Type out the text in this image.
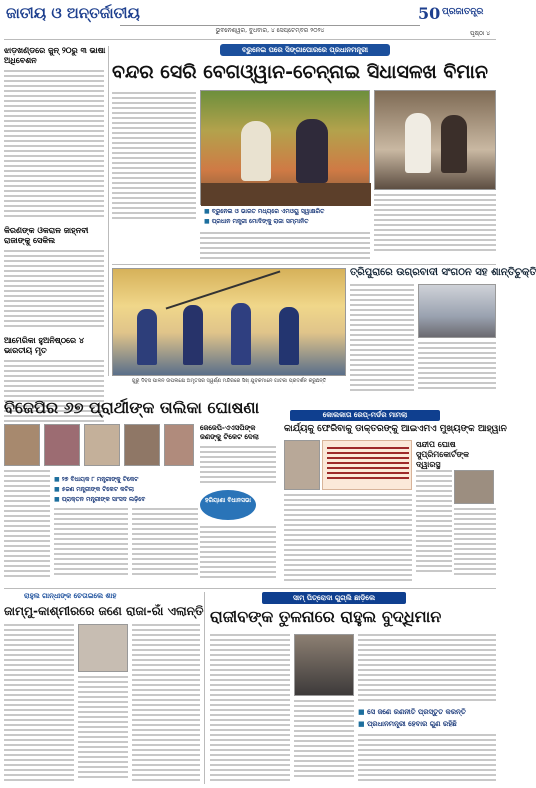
ଜାତୀୟ ଓ ଅନ୍ତର୍ଜାତୀୟ
ଭୁବନେଶ୍ୱର, ବୁଧବାର, ୪ ସେପ୍ଟେମ୍ବର ୨୦୨୪
50 ପ୍ରଜାତନ୍ତ୍ର
ପୃଷ୍ଠା ୪
ଝାଡ଼ଖଣ୍ଡରେ ଜୁନ୍‌ ୨୦ରୁ ୩ ଭାଷା ଅଧିବେଶନ
କିରଣଙ୍କ ଓକରାଳ ଜାହ୍ନବୀ ରାଜାଙ୍କୁ ସେକିଲ
ଆମେରିକା ହୁଅନିଷ୍ଠରେ ୪ ଭାରତୀୟ ମୃତ
ବ୍ରୁନେଇ ପରେ ସିଙ୍ଗାପୋରରେ ପ୍ରଧାନମନ୍ତ୍ରୀ
ବନ୍ଦର ସେରି ବେଗଓ୍ୱାନ-ଚେନ୍ନାଇ ସିଧାସଳଖ ବିମାନ
■ ବ୍ରୁନେଇ ଓ ଭାରତ ମଧ୍ୟରେ ଏମଓୟୁ ସ୍ୱାକ୍ଷରିତ
■ ପ୍ରଧାନ ମନ୍ତ୍ରୀ ମୋଦିଙ୍କୁ ରାଜା ସମ୍ମାନିତ
ତ୍ରିପୁରାରେ ଉଗ୍ରବାଦୀ ସଂଗଠନ ସହ ଶାନ୍ତିଚୁକ୍ତି
ଗୁରୁ ଦିବସ ପାଳନ ଉପଲକ୍ଷେ ଅମୃତସର ସ୍ୱର୍ଣ୍ଣ ମନ୍ଦିରରେ ସିଖ୍ ଯୁବକମାନେ ଗାଟକା ପ୍ରଦର୍ଶନ କରୁଛନ୍ତି
ବିଜେପିର ୬୭ ପ୍ରାର୍ଥୀଙ୍କ ତାଲିକା ଘୋଷଣା
■ ୨୭ ବିଧାୟକ ୮ ମନ୍ତ୍ରୀଙ୍କୁ ଟିକେଟ
■ ୫ଜଣ ମନ୍ତ୍ରୀଙ୍କ ଟିକେଟ କଟିଲା
■ ପ୍ରାକ୍ତନ ମନ୍ତ୍ରୀଙ୍କ ସାଂସଦ ଲଢ଼ିବେ
ଜେଜେପି-ଏଏସପିଙ୍କ ଜଣଙ୍କୁ ଟିକେଟ ଦେଲା
ହରିୟାଣା ବିଧାନସଭା
କୋଲକାତା ରେପ୍‌-ମର୍ଡର ମାମଲା
କାର୍ଯ୍ୟକୁ ଫେରିବାକୁ ଡାକ୍ତରଙ୍କୁ ଆଇଏମଏ ମୁଖ୍ୟଙ୍କ ଆହ୍ୱାନ
ସନ୍ଦୀପ ଘୋଷ ସୁପ୍ରିମକୋର୍ଟଙ୍କ ଦ୍ୱାରସ୍ଥ
ରାହୁଲ ଗାନ୍ଧୀଙ୍କ ଚେତାଇଲେ ଶାହ
ଜାମ୍ମୁ-କାଶ୍ମୀରରେ ଜଣେ ରାଜା-ରାଁ ଏଲାନ୍ତି
ସାମ୍‌ ପିତ୍ରୋଦା ଗୁଗ୍‌ଲି ଛାଡ଼ିଲେ
ରାଜୀବଙ୍କ ତୁଳନାରେ ରାହୁଲ ବୁଦ୍ଧିମାନ
■ ସେ ଜଣେ ରଣନୀତି ପ୍ରସ୍ତୁତ କରନ୍ତି
■ ପ୍ରଧାନମନ୍ତ୍ରୀ ହେବାର ଗୁଣ ରହିଛି
